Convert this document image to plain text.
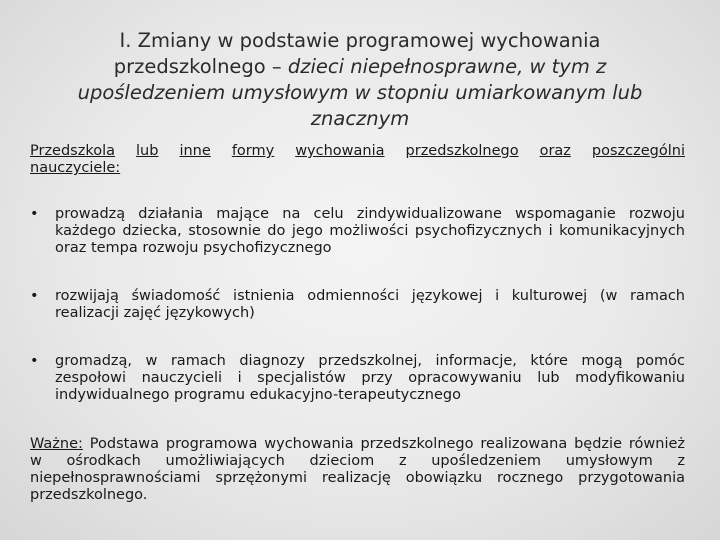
I. Zmiany w podstawie programowej wychowania
przedszkolnego – dzieci niepełnosprawne, w tym z
upośledzeniem umysłowym w stopniu umiarkowanym lub
znacznym
Przedszkola lub inne formy wychowania przedszkolnego oraz poszczególni
nauczyciele:
•	prowadzą działania mające na celu zindywidualizowane wspomaganie rozwoju każdego dziecka, stosownie do jego możliwości psychofizycznych i komunikacyjnych oraz tempa rozwoju psychofizycznego
•	rozwijają świadomość istnienia odmienności językowej i kulturowej (w ramach realizacji zajęć językowych)
•	gromadzą, w ramach diagnozy przedszkolnej, informacje, które mogą pomóc zespołowi nauczycieli i specjalistów przy opracowywaniu lub modyfikowaniu indywidualnego programu edukacyjno-terapeutycznego
Ważne: Podstawa programowa wychowania przedszkolnego realizowana będzie również w ośrodkach umożliwiających dzieciom z upośledzeniem umysłowym z niepełnosprawnościami sprzężonymi realizację obowiązku rocznego przygotowania przedszkolnego.
